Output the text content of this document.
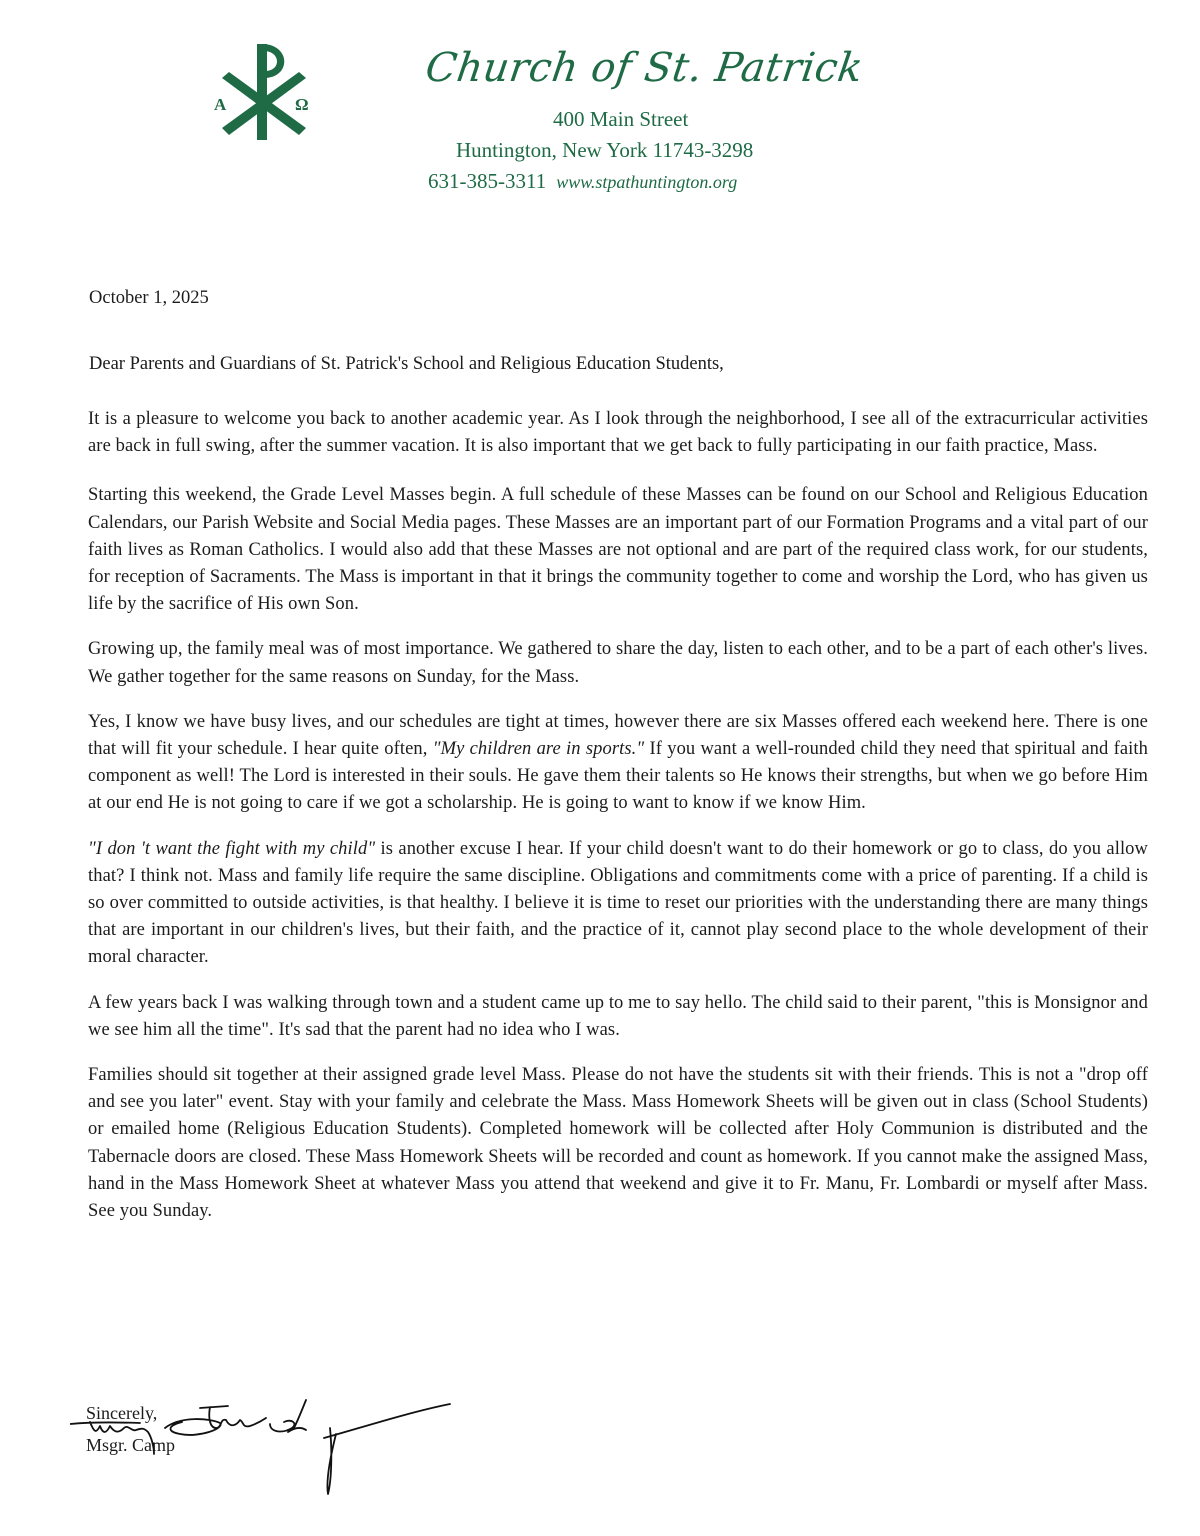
A	Ω
Church of St. Patrick
400 Main Street
Huntington, New York 11743-3298
631-385-3311 www.stpathuntington.org
October 1, 2025
Dear Parents and Guardians of St. Patrick's School and Religious Education Students,

It is a pleasure to welcome you back to another academic year. As I look through the neighborhood, I see all of the extracurricular activities are back in full swing, after the summer vacation. It is also important that we get back to fully participating in our faith practice, Mass.

Starting this weekend, the Grade Level Masses begin. A full schedule of these Masses can be found on our School and Religious Education Calendars, our Parish Website and Social Media pages. These Masses are an important part of our Formation Programs and a vital part of our faith lives as Roman Catholics. I would also add that these Masses are not optional and are part of the required class work, for our students, for reception of Sacraments. The Mass is important in that it brings the community together to come and worship the Lord, who has given us life by the sacrifice of His own Son.

Growing up, the family meal was of most importance. We gathered to share the day, listen to each other, and to be a part of each other's lives. We gather together for the same reasons on Sunday, for the Mass.

Yes, I know we have busy lives, and our schedules are tight at times, however there are six Masses offered each weekend here. There is one that will fit your schedule. I hear quite often, "My children are in sports." If you want a well-rounded child they need that spiritual and faith component as well! The Lord is interested in their souls. He gave them their talents so He knows their strengths, but when we go before Him at our end He is not going to care if we got a scholarship. He is going to want to know if we know Him.

"I don 't want the fight with my child" is another excuse I hear. If your child doesn't want to do their homework or go to class, do you allow that? I think not. Mass and family life require the same discipline. Obligations and commitments come with a price of parenting. If a child is so over committed to outside activities, is that healthy. I believe it is time to reset our priorities with the understanding there are many things that are important in our children's lives, but their faith, and the practice of it, cannot play second place to the whole development of their moral character.

A few years back I was walking through town and a student came up to me to say hello. The child said to their parent, "this is Monsignor and we see him all the time". It's sad that the parent had no idea who I was.

Families should sit together at their assigned grade level Mass. Please do not have the students sit with their friends. This is not a "drop off and see you later" event. Stay with your family and celebrate the Mass. Mass Homework Sheets will be given out in class (School Students) or emailed home (Religious Education Students). Completed homework will be collected after Holy Communion is distributed and the Tabernacle doors are closed. These Mass Homework Sheets will be recorded and count as homework. If you cannot make the assigned Mass, hand in the Mass Homework Sheet at whatever Mass you attend that weekend and give it to Fr. Manu, Fr. Lombardi or myself after Mass. See you Sunday.

Sincerely,
Msgr. Camp
